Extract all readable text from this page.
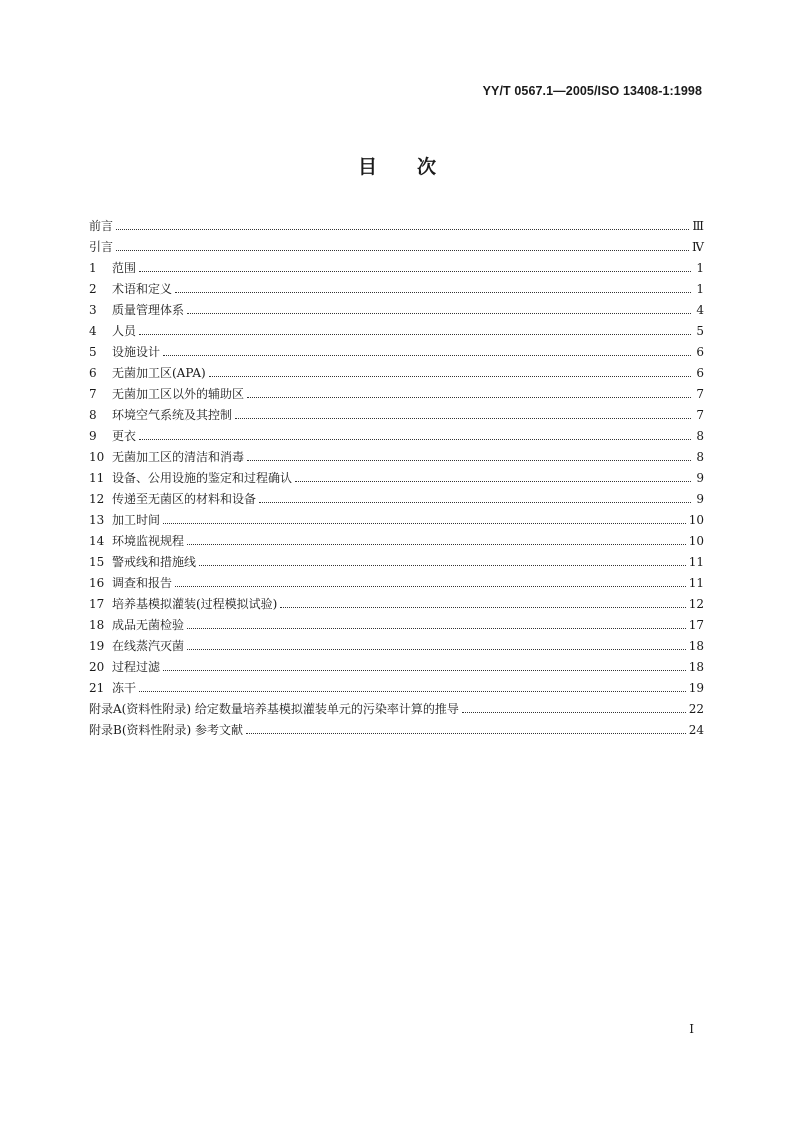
YY/T 0567.1—2005/ISO 13408-1:1998
目次
前言	Ⅲ
引言	Ⅳ
1	范围	1
2	术语和定义	1
3	质量管理体系	4
4	人员	5
5	设施设计	6
6	无菌加工区(APA)	6
7	无菌加工区以外的辅助区	7
8	环境空气系统及其控制	7
9	更衣	8
10 无菌加工区的清洁和消毒	8
11 设备、公用设施的鉴定和过程确认	9
12 传递至无菌区的材料和设备	9
13 加工时间	10
14 环境监视规程	10
15 警戒线和措施线	11
16 调查和报告	11
17 培养基模拟灌装(过程模拟试验)	12
18 成品无菌检验	17
19 在线蒸汽灭菌	18
20 过程过滤	18
21 冻干	19
附录A(资料性附录) 给定数量培养基模拟灌装单元的污染率计算的推导	22
附录B(资料性附录) 参考文献	24
I
